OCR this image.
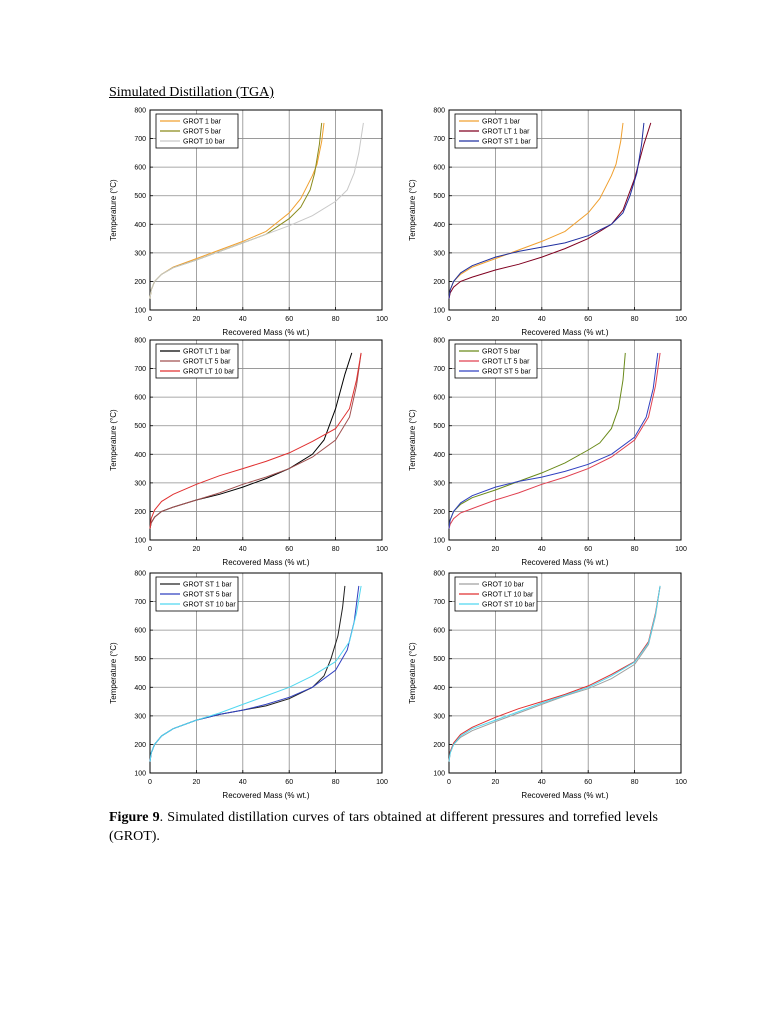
Simulated Distillation (TGA)
0	20	40	60	80	100
100
200
300
400
500
600
700
800
Recovered Mass (% wt.)
Temperature (°C)
GROT 1 bar
GROT 5 bar
GROT 10 bar
0	20	40	60	80	100
100
200
300
400
500
600
700
800
Recovered Mass (% wt.)
Temperature (°C)
GROT 1 bar
GROT LT 1 bar
GROT ST 1 bar
0	20	40	60	80	100
100
200
300
400
500
600
700
800
Recovered Mass (% wt.)
Temperature (°C)
GROT LT 1 bar
GROT LT 5 bar
GROT LT 10 bar
0	20	40	60	80	100
100
200
300
400
500
600
700
800
Recovered Mass (% wt.)
Temperature (°C)
GROT 5 bar
GROT LT 5 bar
GROT ST 5 bar
0	20	40	60	80	100
100
200
300
400
500
600
700
800
Recovered Mass (% wt.)
Temperature (°C)
GROT ST 1 bar
GROT ST 5 bar
GROT ST 10 bar
0	20	40	60	80	100
100
200
300
400
500
600
700
800
Recovered Mass (% wt.)
Temperature (°C)
GROT 10 bar
GROT LT 10 bar
GROT ST 10 bar

Figure 9. Simulated distillation curves of tars obtained at different pressures and torrefied levels (GROT).
